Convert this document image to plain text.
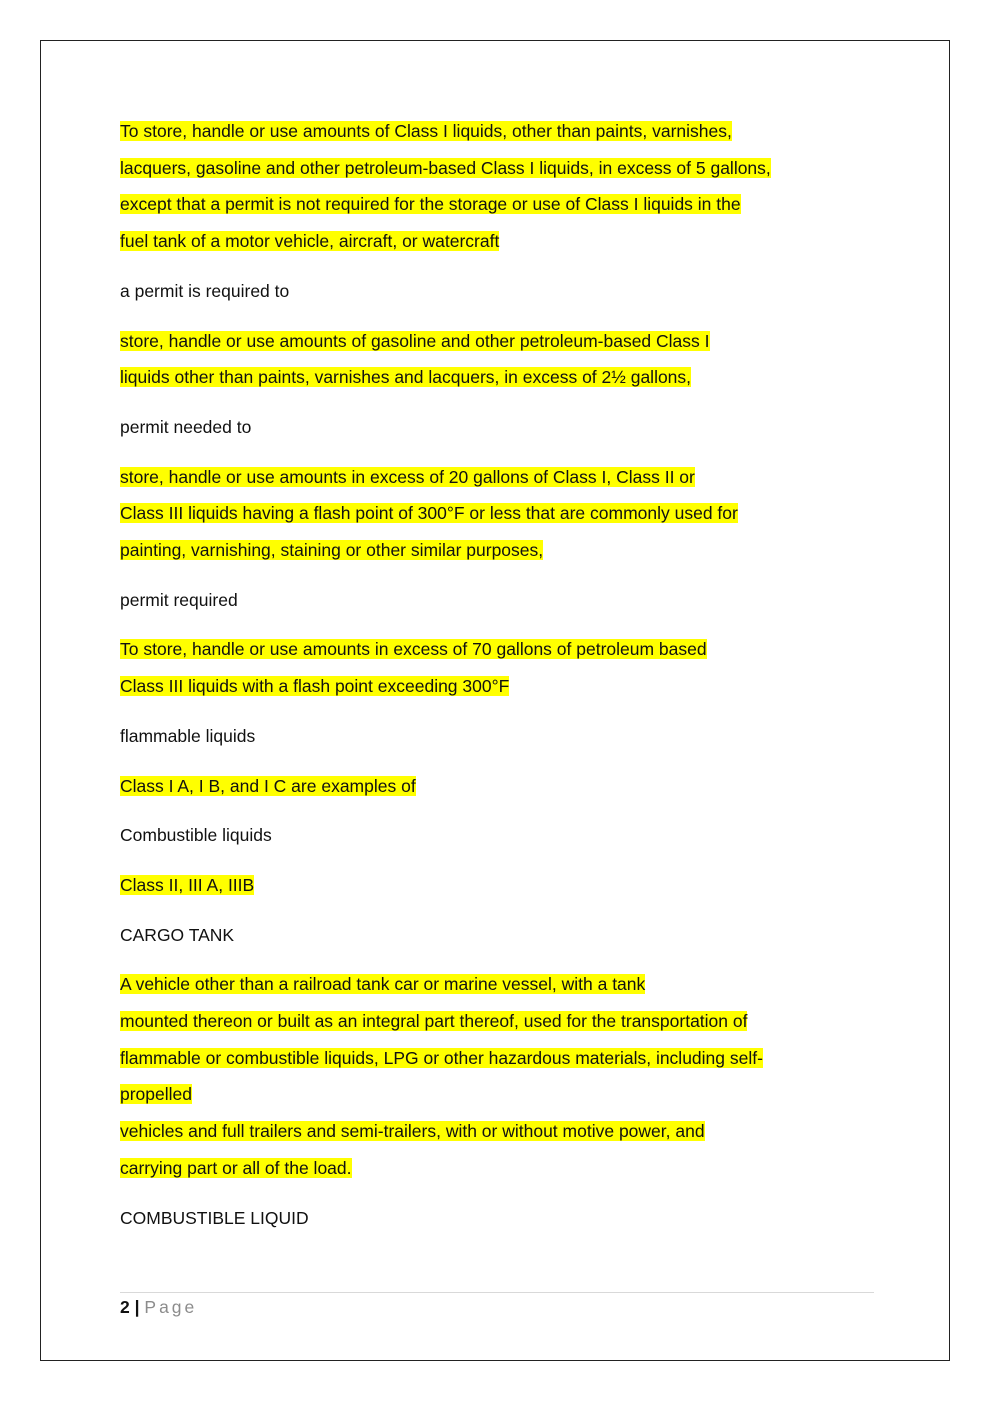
To store, handle or use amounts of Class I liquids, other than paints, varnishes,
lacquers, gasoline and other petroleum-based Class I liquids, in excess of 5 gallons,
except that a permit is not required for the storage or use of Class I liquids in the
fuel tank of a motor vehicle, aircraft, or watercraft
a permit is required to
store, handle or use amounts of gasoline and other petroleum-based Class I
liquids other than paints, varnishes and lacquers, in excess of 2½ gallons,
permit needed to
store, handle or use amounts in excess of 20 gallons of Class I, Class II or
Class III liquids having a flash point of 300°F or less that are commonly used for
painting, varnishing, staining or other similar purposes,
permit required
To store, handle or use amounts in excess of 70 gallons of petroleum based
Class III liquids with a flash point exceeding 300°F
flammable liquids
Class I A, I B, and I C are examples of
Combustible liquids
Class II, III A, IIIB
CARGO TANK
A vehicle other than a railroad tank car or marine vessel, with a tank
mounted thereon or built as an integral part thereof, used for the transportation of
flammable or combustible liquids, LPG or other hazardous materials, including self-
propelled
vehicles and full trailers and semi-trailers, with or without motive power, and
carrying part or all of the load.
COMBUSTIBLE LIQUID
2 | Page
